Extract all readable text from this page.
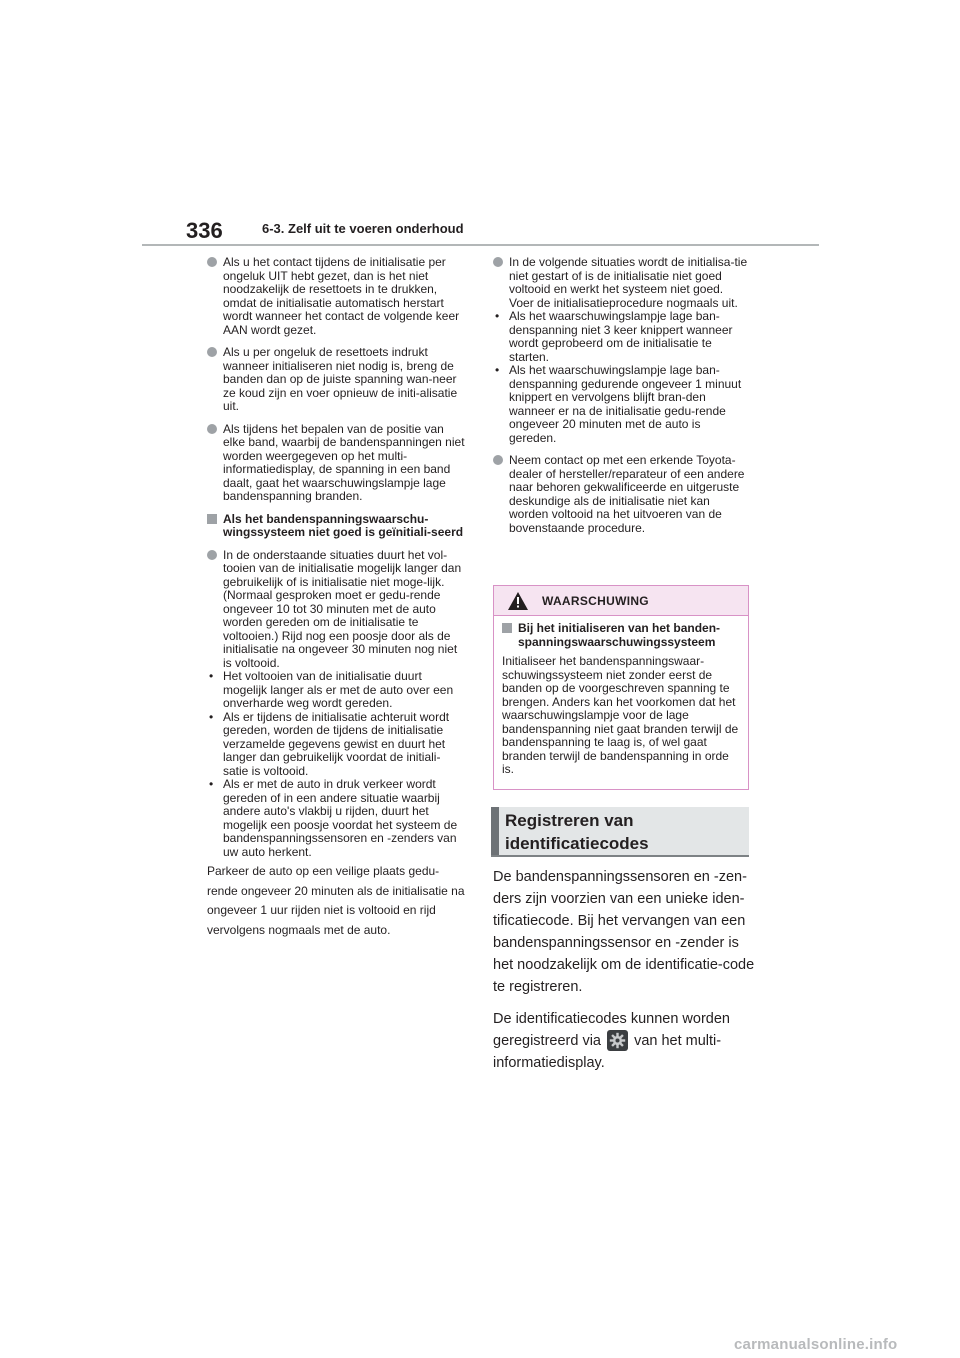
336	6-3. Zelf uit te voeren onderhoud
Als u het contact tijdens de initialisatie per ongeluk UIT hebt gezet, dan is het niet noodzakelijk de resettoets in te drukken, omdat de initialisatie automatisch herstart wordt wanneer het contact de volgende keer AAN wordt gezet.
Als u per ongeluk de resettoets indrukt wanneer initialiseren niet nodig is, breng de banden dan op de juiste spanning wan-neer ze koud zijn en voer opnieuw de initi-alisatie uit.
Als tijdens het bepalen van de positie van elke band, waarbij de bandenspanningen niet worden weergegeven op het multi-informatiedisplay, de spanning in een band daalt, gaat het waarschuwingslampje lage bandenspanning branden.
Als het bandenspanningswaarschu-wingssysteem niet goed is geïnitiali-seerd
In de onderstaande situaties duurt het vol-tooien van de initialisatie mogelijk langer dan gebruikelijk of is initialisatie niet moge-lijk. (Normaal gesproken moet er gedu-rende ongeveer 10 tot 30 minuten met de auto worden gereden om de initialisatie te voltooien.) Rijd nog een poosje door als de initialisatie na ongeveer 30 minuten nog niet is voltooid.
• Het voltooien van de initialisatie duurt mogelijk langer als er met de auto over een onverharde weg wordt gereden.
• Als er tijdens de initialisatie achteruit wordt gereden, worden de tijdens de initialisatie verzamelde gegevens gewist en duurt het langer dan gebruikelijk voordat de initiali-satie is voltooid.
• Als er met de auto in druk verkeer wordt gereden of in een andere situatie waarbij andere auto's vlakbij u rijden, duurt het mogelijk een poosje voordat het systeem de bandenspanningssensoren en -zenders van uw auto herkent.
Parkeer de auto op een veilige plaats gedu-rende ongeveer 20 minuten als de initialisatie na ongeveer 1 uur rijden niet is voltooid en rijd vervolgens nogmaals met de auto.
In de volgende situaties wordt de initialisa-tie niet gestart of is de initialisatie niet goed voltooid en werkt het systeem niet goed. Voer de initialisatieprocedure nogmaals uit.
• Als het waarschuwingslampje lage ban-denspanning niet 3 keer knippert wanneer wordt geprobeerd om de initialisatie te starten.
• Als het waarschuwingslampje lage ban-denspanning gedurende ongeveer 1 minuut knippert en vervolgens blijft bran-den wanneer er na de initialisatie gedu-rende ongeveer 20 minuten met de auto is gereden.
Neem contact op met een erkende Toyota-dealer of hersteller/reparateur of een andere naar behoren gekwalificeerde en uitgeruste deskundige als de initialisatie niet kan worden voltooid na het uitvoeren van de bovenstaande procedure.
WAARSCHUWING
Bij het initialiseren van het banden-spanningswaarschuwingssysteem
Initialiseer het bandenspanningswaar-schuwingssysteem niet zonder eerst de banden op de voorgeschreven spanning te brengen. Anders kan het voorkomen dat het waarschuwingslampje voor de lage bandenspanning niet gaat branden terwijl de bandenspanning te laag is, of wel gaat branden terwijl de bandenspanning in orde is.
Registreren van
identificatiecodes

De bandenspanningssensoren en -zen-ders zijn voorzien van een unieke iden-tificatiecode. Bij het vervangen van een bandenspanningssensor en -zender is het noodzakelijk om de identificatie-code te registreren.

De identificatiecodes kunnen worden geregistreerd via van het multi-informatiedisplay.

carmanualsonline.info
